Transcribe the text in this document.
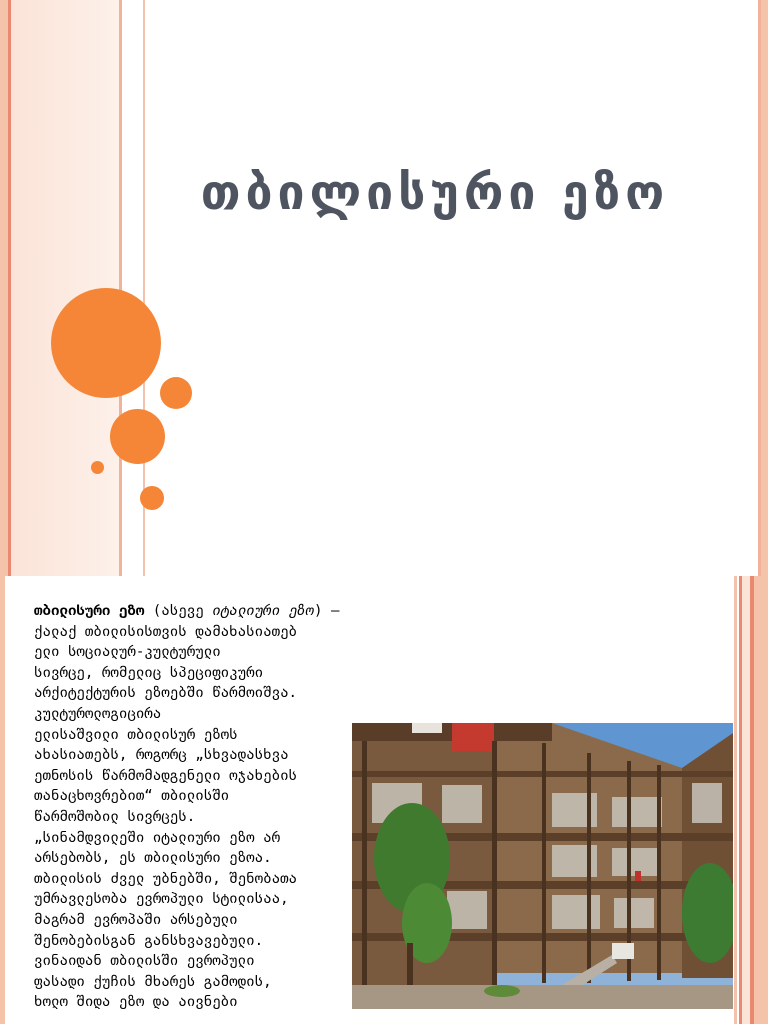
თბილისური ეზო

თბილისური ეზო (ასევე იტალიური ეზო) —

ქალაქ თბილისისთვის დამახასიათებ

ელი სოციალურ-კულტურული

სივრცე, რომელიც სპეციფიკური

არქიტექტურის ეზოებში წარმოიშვა.

კულტუროლოგიცირა

ელისაშვილი თბილისურ ეზოს

ახასიათებს, როგორც „სხვადასხვა

ეთნოსის წარმომადგენელი ოჯახების

თანაცხოვრებით“ თბილისში

წარმოშობილ სივრცეს.

„სინამდვილეში იტალიური ეზო არ

არსებობს, ეს თბილისური ეზოა.

თბილისის ძველ უბნებში, შენობათა

უმრავლესობა ევროპული სტილისაა,

მაგრამ ევროპაში არსებული

შენობებისგან განსხვავებული.

ვინაიდან თბილისში ევროპული

ფასადი ქუჩის მხარეს გამოდის,

ხოლო შიდა ეზო და აივნები
